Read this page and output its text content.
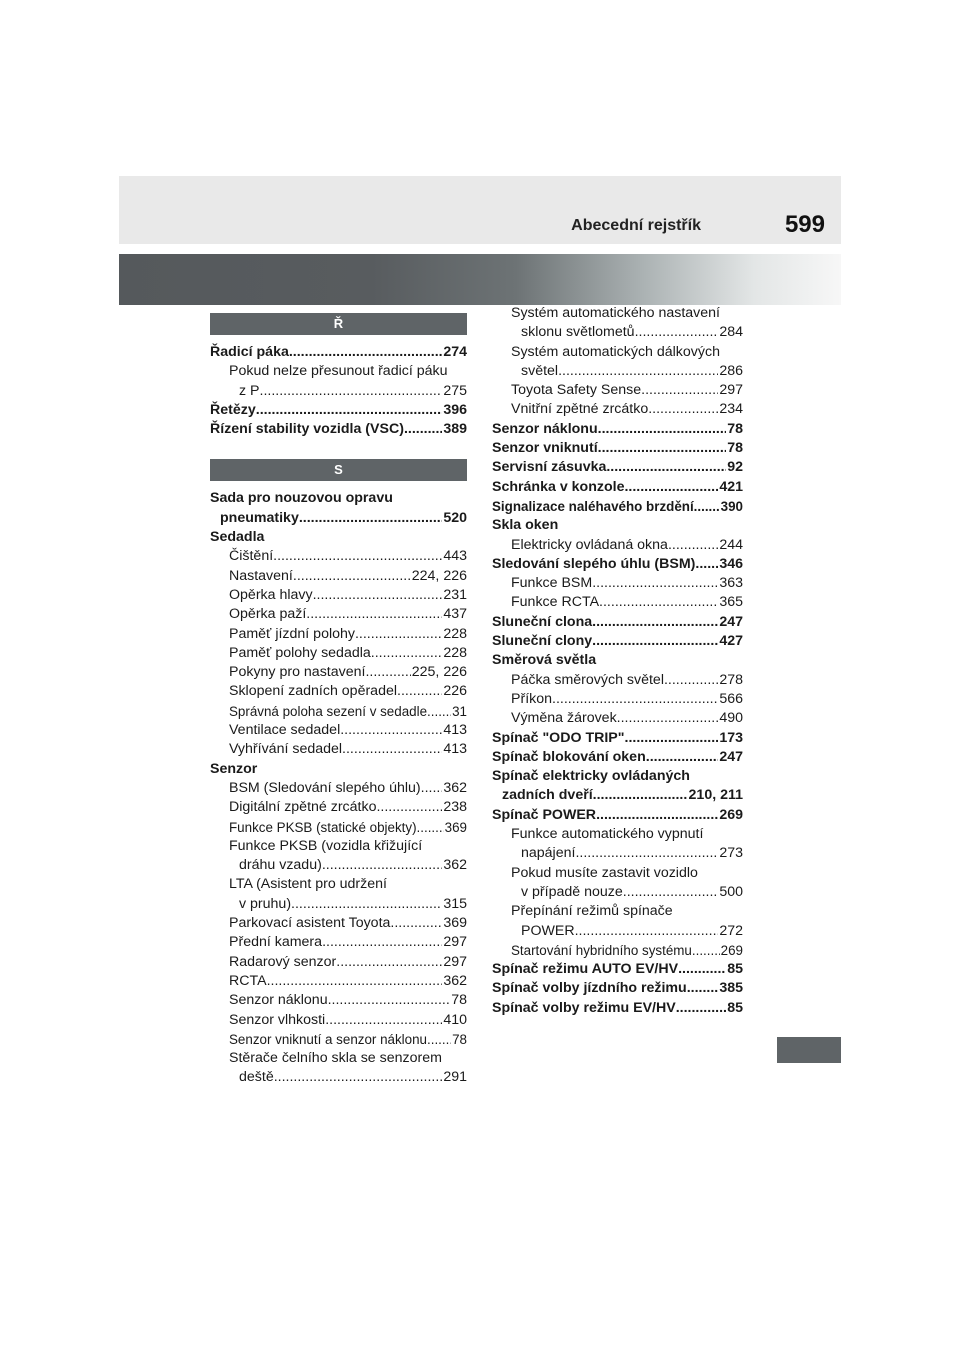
Abecední rejstřík	599
Ř
Řadicí páka .....	274
Pokud nelze přesunout řadicí páku
z P .....	275
Řetězy .....	396
Řízení stability vozidla (VSC) .....	389
S
Sada pro nouzovou opravu
pneumatiky .....	520
Sedadla
Čištění .....	443
Nastavení .....	224, 226
Opěrka hlavy .....	231
Opěrka paží .....	437
Paměť jízdní polohy .....	228
Paměť polohy sedadla .....	228
Pokyny pro nastavení .....	225, 226
Sklopení zadních opěradel .....	226
Správná poloha sezení v sedadle ..... 31
Ventilace sedadel .....	413
Vyhřívání sedadel .....	413
Senzor
BSM (Sledování slepého úhlu) ..... 362
Digitální zpětné zrcátko .....	238
Funkce PKSB (statické objekty) ..... 369
Funkce PKSB (vozidla křižující
dráhu vzadu) .....	362
LTA (Asistent pro udržení
v pruhu) .....	315
Parkovací asistent Toyota .....	369
Přední kamera .....	297
Radarový senzor .....	297
RCTA .....	362
Senzor náklonu .....	78
Senzor vlhkosti .....	410
Senzor vniknutí a senzor náklonu ..... 78
Stěrače čelního skla se senzorem
deště .....	291
Systém automatického nastavení
sklonu světlometů .....	284
Systém automatických dálkových
světel .....	286
Toyota Safety Sense .....	297
Vnitřní zpětné zrcátko .....	234
Senzor náklonu .....	78
Senzor vniknutí .....	78
Servisní zásuvka .....	92
Schránka v konzole .....	421
Signalizace naléhavého brzdění ..... 390
Skla oken
Elektricky ovládaná okna .....	244
Sledování slepého úhlu (BSM) ..... 346
Funkce BSM .....	363
Funkce RCTA .....	365
Sluneční clona .....	247
Sluneční clony .....	427
Směrová světla
Páčka směrových světel .....	278
Příkon .....	566
Výměna žárovek .....	490
Spínač "ODO TRIP" .....	173
Spínač blokování oken .....	247
Spínač elektricky ovládaných
zadních dveří .....	210, 211
Spínač POWER .....	269
Funkce automatického vypnutí
napájení .....	273
Pokud musíte zastavit vozidlo
v případě nouze .....	500
Přepínání režimů spínače
POWER .....	272
Startování hybridního systému ..... 269
Spínač režimu AUTO EV/HV .....	85
Spínač volby jízdního režimu ..... 385
Spínač volby režimu EV/HV .....	85
